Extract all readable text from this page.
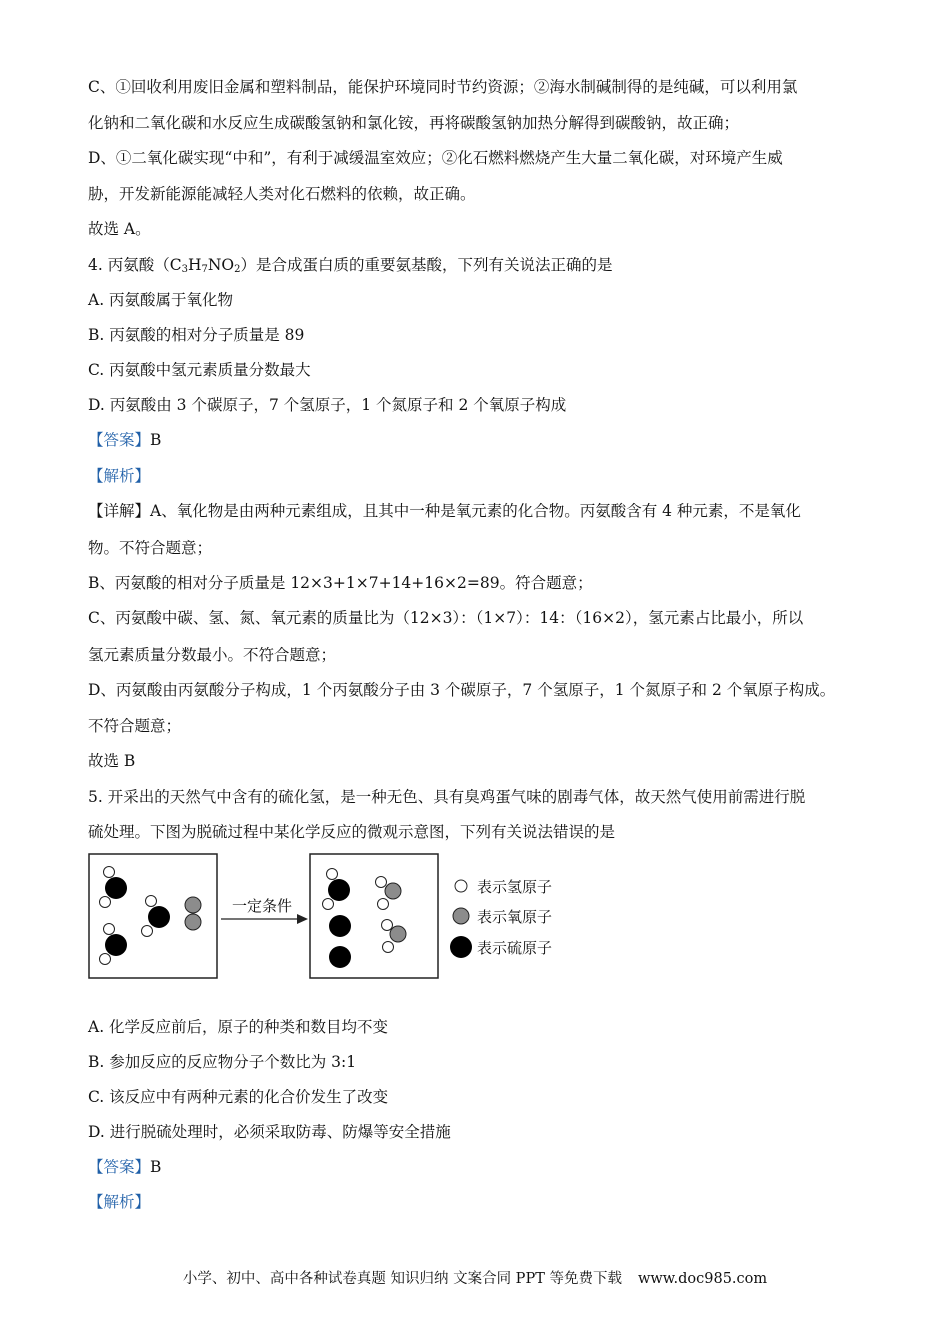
C、①回收利用废旧金属和塑料制品，能保护环境同时节约资源；②海水制碱制得的是纯碱，可以利用氯
化钠和二氧化碳和水反应生成碳酸氢钠和氯化铵，再将碳酸氢钠加热分解得到碳酸钠，故正确；
D、①二氧化碳实现“中和”，有利于减缓温室效应；②化石燃料燃烧产生大量二氧化碳，对环境产生威
胁，开发新能源能减轻人类对化石燃料的依赖，故正确。
故选 A。
4. 丙氨酸$(C_3H_7NO_2)$是合成蛋白质的重要氨基酸，下列有关说法正确的是
A. 丙氨酸属于氧化物
B. 丙氨酸的相对分子质量是 89
C. 丙氨酸中氢元素质量分数最大
D. 丙氨酸由 3 个碳原子，7 个氢原子，1 个氮原子和 2 个氧原子构成
【答案】B
【解析】
【详解】A、氧化物是由两种元素组成，且其中一种是氧元素的化合物。丙氨酸含有 4 种元素，不是氧化
物。不符合题意；
B、丙氨酸的相对分子质量是 12×3+1×7+14+16×2=89。符合题意；
C、丙氨酸中碳、氢、氮、氧元素的质量比为（12×3）：（1×7）：14：（16×2），氢元素占比最小，所以
氢元素质量分数最小。不符合题意；
D、丙氨酸由丙氨酸分子构成，1 个丙氨酸分子由 3 个碳原子，7 个氢原子，1 个氮原子和 2 个氧原子构成。
不符合题意；
故选 B
5. 开采出的天然气中含有的硫化氢，是一种无色、具有臭鸡蛋气味的剧毒气体，故天然气使用前需进行脱
硫处理。下图为脱硫过程中某化学反应的微观示意图，下列有关说法错误的是
一定条件
表示氢原子
表示氧原子
表示硫原子
A. 化学反应前后，原子的种类和数目均不变
B. 参加反应的反应物分子个数比为 3:1
C. 该反应中有两种元素的化合价发生了改变
D. 进行脱硫处理时，必须采取防毒、防爆等安全措施
【答案】B
【解析】
小学、初中、高中各种试卷真题 知识归纳 文案合同 PPT 等免费下载 www.doc985.com
